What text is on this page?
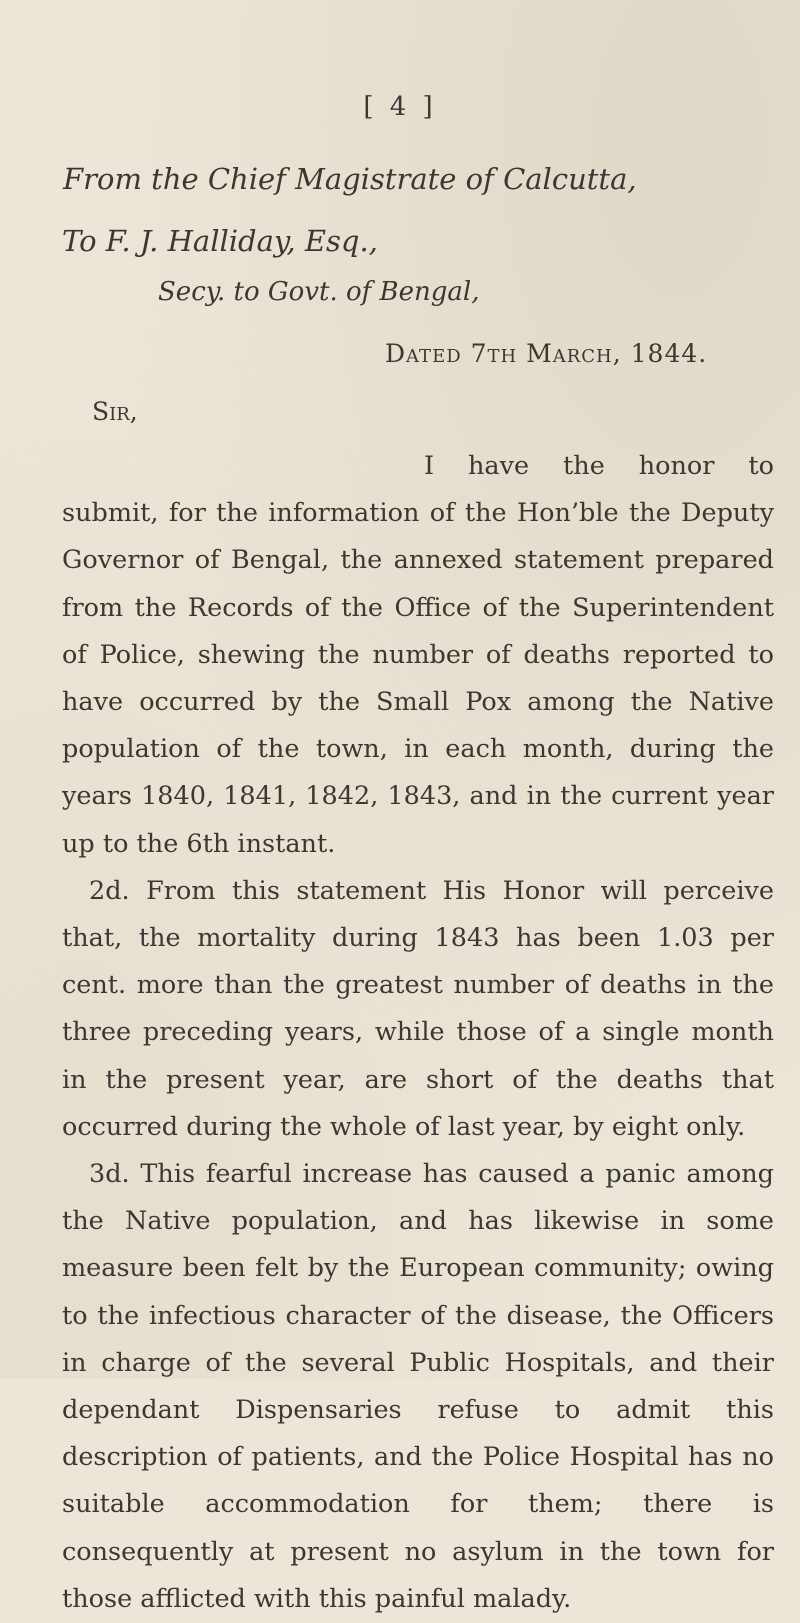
[ 4 ]
From the Chief Magistrate of Calcutta,
To F. J. Halliday, Esq.,
Secy. to Govt. of Bengal,
Dated 7th March, 1844.
Sir,

I have the honor to submit, for the information of the Hon’ble the Deputy Governor of Bengal, the annexed statement prepared from the Records of the Office of the Superintendent of Police, shewing the number of deaths reported to have occurred by the Small Pox among the Native population of the town, in each month, during the years 1840, 1841, 1842, 1843, and in the current year up to the 6th instant.

2d. From this statement His Honor will perceive that, the mortality during 1843 has been 1.03 per cent. more than the greatest number of deaths in the three preceding years, while those of a single month in the present year, are short of the deaths that occurred during the whole of last year, by eight only.

3d. This fearful increase has caused a panic among the Native population, and has likewise in some measure been felt by the European community; owing to the infectious character of the disease, the Officers in charge of the several Public Hospitals, and their dependant Dispensaries refuse to admit this description of patients, and the Police Hospital has no suitable accommodation for them; there is consequently at present no asylum in the town for those afflicted with this painful malady.
